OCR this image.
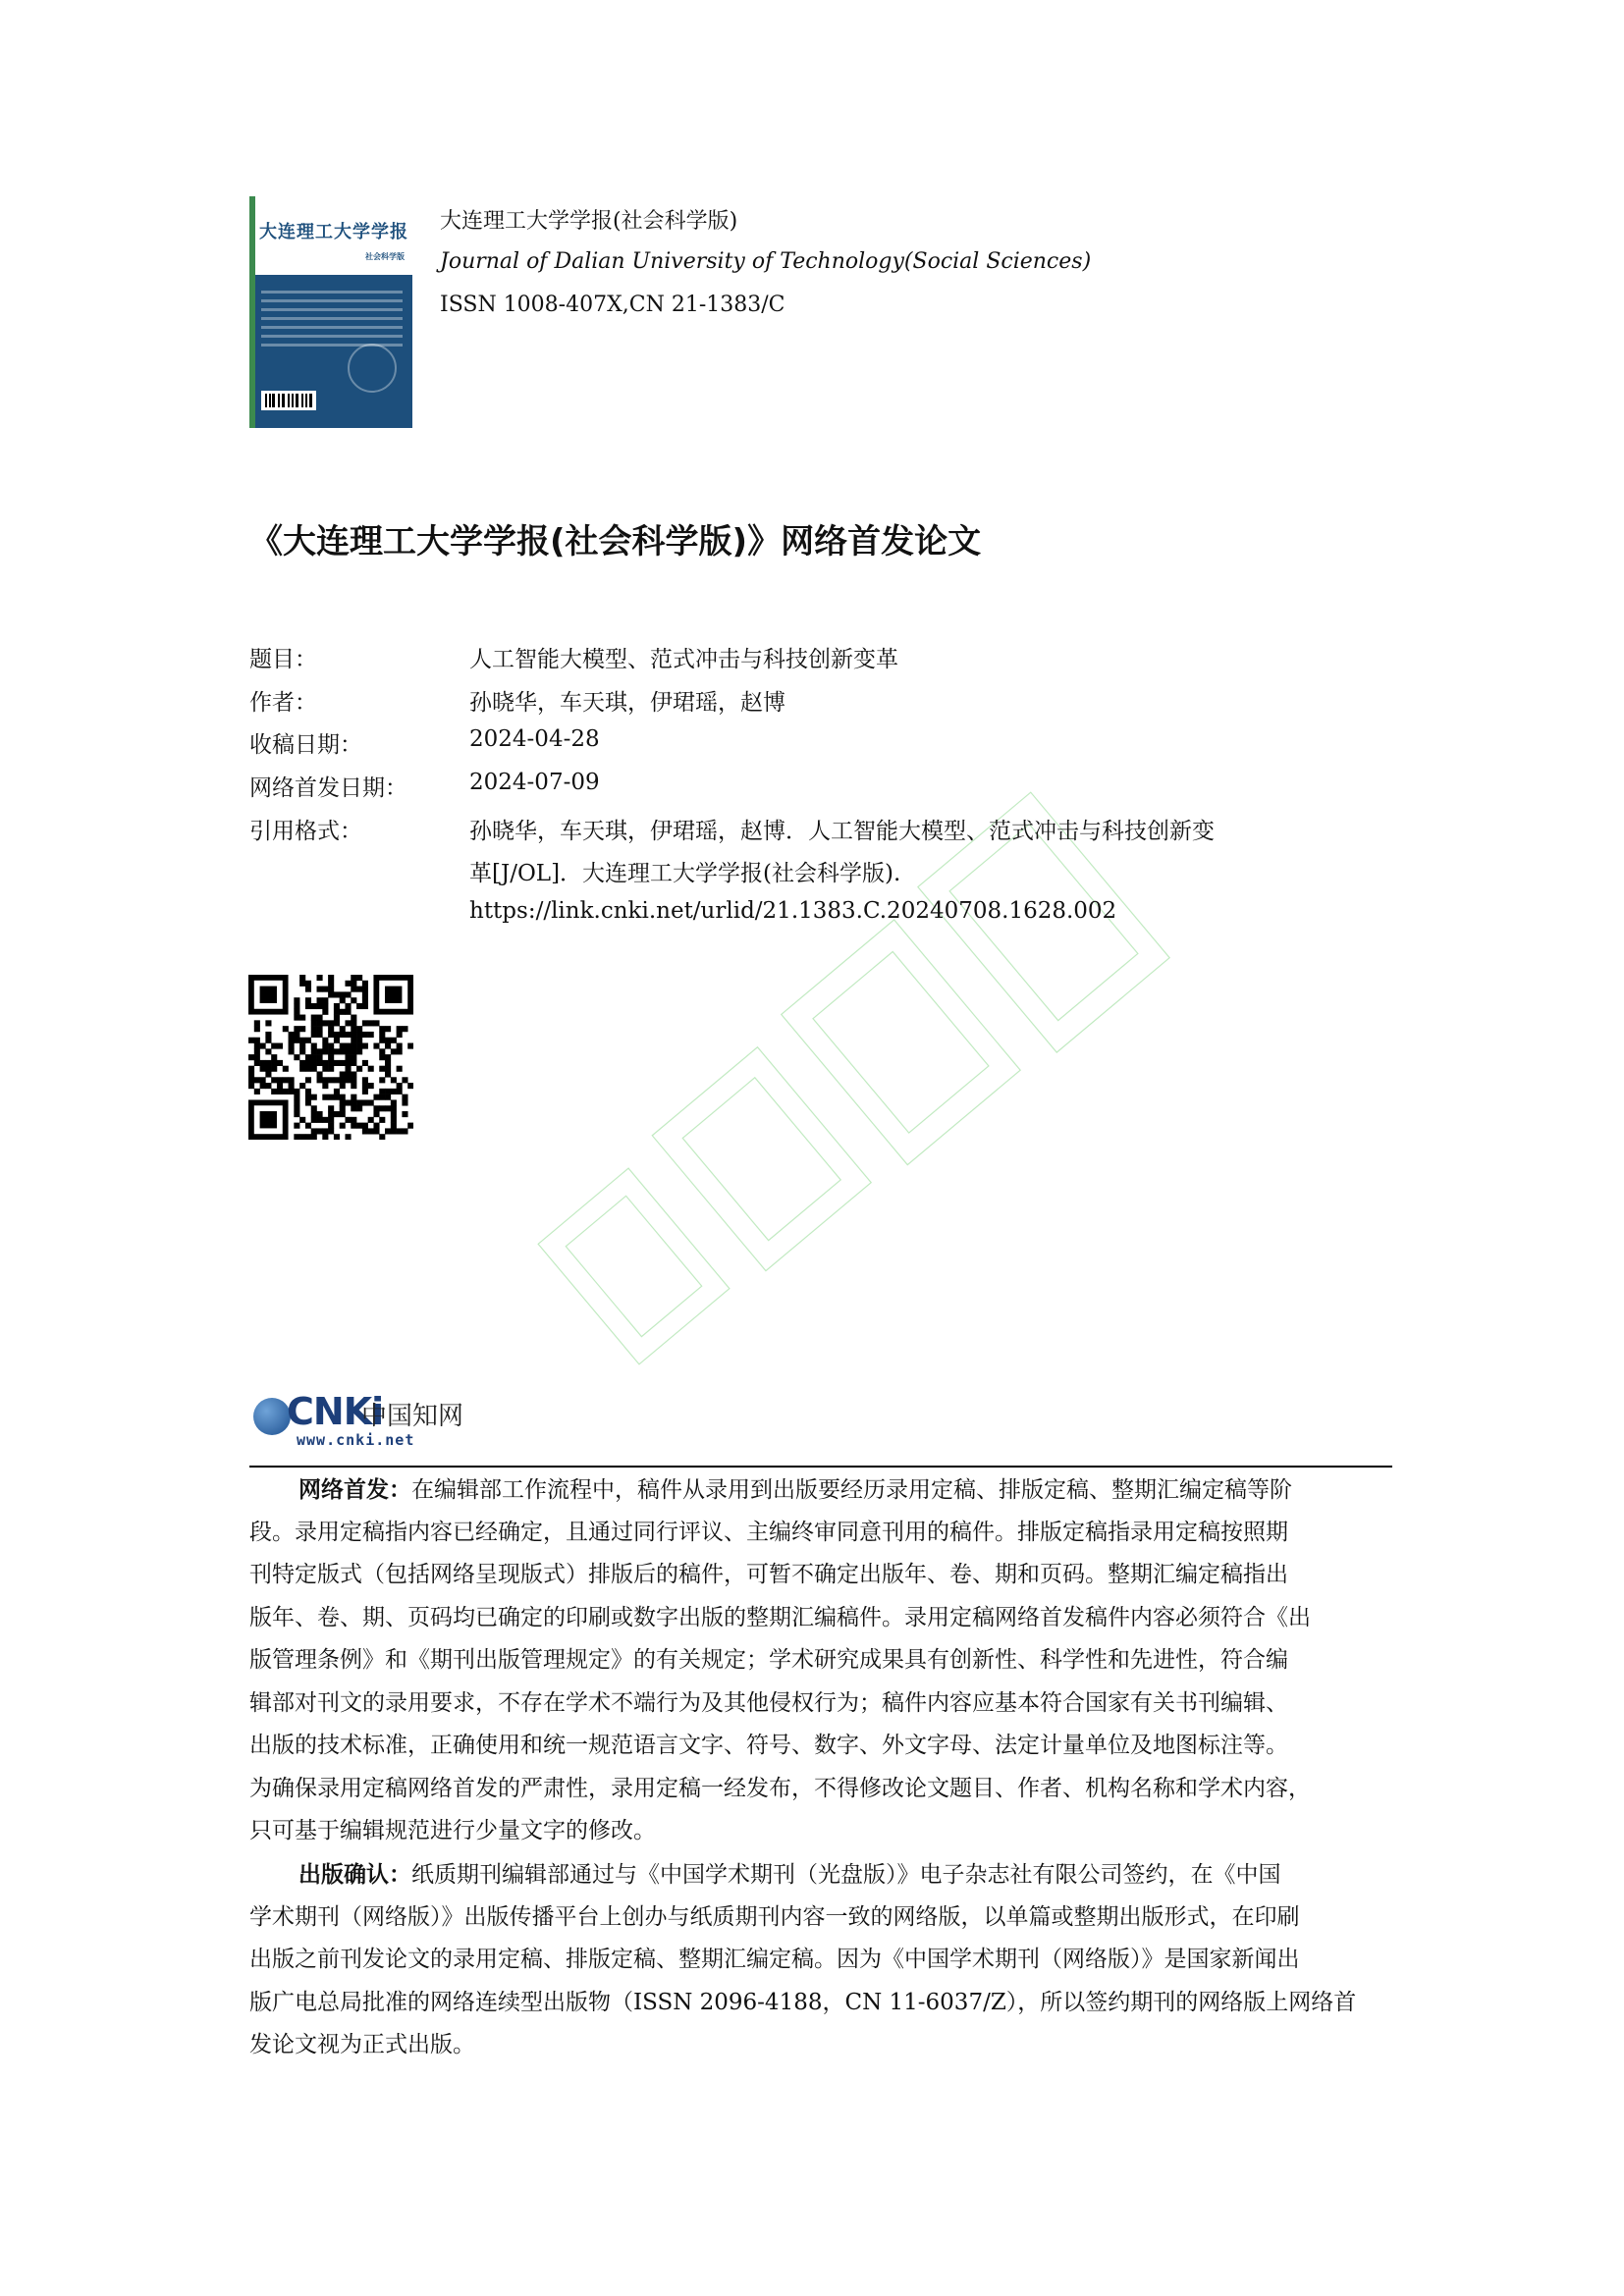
大连理工大学学报
社会科学版
大连理工大学学报(社会科学版)
Journal of Dalian University of Technology(Social Sciences)
ISSN 1008-407X,CN 21-1383/C
《大连理工大学学报(社会科学版)》网络首发论文
题目：	人工智能大模型、范式冲击与科技创新变革
作者：	孙晓华，车天琪，伊珺瑶，赵博
收稿日期：	2024-04-28
网络首发日期：	2024-07-09
引用格式：	孙晓华，车天琪，伊珺瑶，赵博．人工智能大模型、范式冲击与科技创新变
革[J/OL]．大连理工大学学报(社会科学版).
https://link.cnki.net/urlid/21.1383.C.20240708.1628.002
CNKi
中国知网
www.cnki.net
网络首发：在编辑部工作流程中，稿件从录用到出版要经历录用定稿、排版定稿、整期汇编定稿等阶
段。录用定稿指内容已经确定，且通过同行评议、主编终审同意刊用的稿件。排版定稿指录用定稿按照期
刊特定版式（包括网络呈现版式）排版后的稿件，可暂不确定出版年、卷、期和页码。整期汇编定稿指出
版年、卷、期、页码均已确定的印刷或数字出版的整期汇编稿件。录用定稿网络首发稿件内容必须符合《出
版管理条例》和《期刊出版管理规定》的有关规定；学术研究成果具有创新性、科学性和先进性，符合编
辑部对刊文的录用要求，不存在学术不端行为及其他侵权行为；稿件内容应基本符合国家有关书刊编辑、
出版的技术标准，正确使用和统一规范语言文字、符号、数字、外文字母、法定计量单位及地图标注等。
为确保录用定稿网络首发的严肃性，录用定稿一经发布，不得修改论文题目、作者、机构名称和学术内容，
只可基于编辑规范进行少量文字的修改。
出版确认：纸质期刊编辑部通过与《中国学术期刊（光盘版）》电子杂志社有限公司签约，在《中国
学术期刊（网络版）》出版传播平台上创办与纸质期刊内容一致的网络版，以单篇或整期出版形式，在印刷
出版之前刊发论文的录用定稿、排版定稿、整期汇编定稿。因为《中国学术期刊（网络版）》是国家新闻出
版广电总局批准的网络连续型出版物（ISSN 2096-4188，CN 11-6037/Z），所以签约期刊的网络版上网络首
发论文视为正式出版。
